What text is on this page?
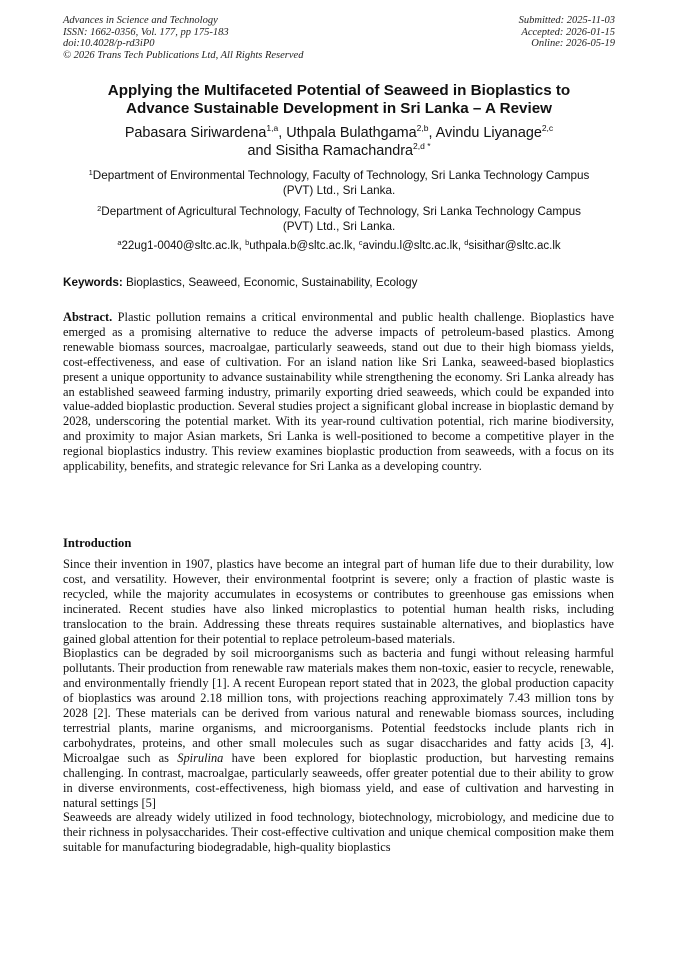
Advances in Science and Technology
ISSN: 1662-0356, Vol. 177, pp 175-183
doi:10.4028/p-rd3iP0
© 2026 Trans Tech Publications Ltd, All Rights Reserved
Submitted: 2025-11-03
Accepted: 2026-01-15
Online: 2026-05-19
Applying the Multifaceted Potential of Seaweed in Bioplastics to
Advance Sustainable Development in Sri Lanka – A Review
Pabasara Siriwardena$^{1,a}$, Uthpala Bulathgama$^{2,b}$, Avindu Liyanage$^{2,c}$
and Sisitha Ramachandra$^{2,d *}$
$^1$Department of Environmental Technology, Faculty of Technology, Sri Lanka Technology Campus
(PVT) Ltd., Sri Lanka.
$^2$Department of Agricultural Technology, Faculty of Technology, Sri Lanka Technology Campus
(PVT) Ltd., Sri Lanka.
$^a$22ug1-0040@sltc.ac.lk, $^b$uthpala.b@sltc.ac.lk, $^c$avindu.l@sltc.ac.lk, $^d$sisithar@sltc.ac.lk
Keywords: Bioplastics, Seaweed, Economic, Sustainability, Ecology
Abstract. Plastic pollution remains a critical environmental and public health challenge. Bioplastics have emerged as a promising alternative to reduce the adverse impacts of petroleum-based plastics. Among renewable biomass sources, macroalgae, particularly seaweeds, stand out due to their high biomass yields, cost-effectiveness, and ease of cultivation. For an island nation like Sri Lanka, seaweed-based bioplastics present a unique opportunity to advance sustainability while strengthening the economy. Sri Lanka already has an established seaweed farming industry, primarily exporting dried seaweeds, which could be expanded into value-added bioplastic production. Several studies project a significant global increase in bioplastic demand by 2028, underscoring the potential market. With its year-round cultivation potential, rich marine biodiversity, and proximity to major Asian markets, Sri Lanka is well-positioned to become a competitive player in the regional bioplastics industry. This review examines bioplastic production from seaweeds, with a focus on its applicability, benefits, and strategic relevance for Sri Lanka as a developing country.
Introduction

Since their invention in 1907, plastics have become an integral part of human life due to their durability, low cost, and versatility. However, their environmental footprint is severe; only a fraction of plastic waste is recycled, while the majority accumulates in ecosystems or contributes to greenhouse gas emissions when incinerated. Recent studies have also linked microplastics to potential human health risks, including translocation to the brain. Addressing these threats requires sustainable alternatives, and bioplastics have gained global attention for their potential to replace petroleum-based materials.

Bioplastics can be degraded by soil microorganisms such as bacteria and fungi without releasing harmful pollutants. Their production from renewable raw materials makes them non-toxic, easier to recycle, renewable, and environmentally friendly [1]. A recent European report stated that in 2023, the global production capacity of bioplastics was around 2.18 million tons, with projections reaching approximately 7.43 million tons by 2028 [2]. These materials can be derived from various natural and renewable biomass sources, including terrestrial plants, marine organisms, and microorganisms. Potential feedstocks include plants rich in carbohydrates, proteins, and other small molecules such as sugar disaccharides and fatty acids [3, 4]. Microalgae such as Spirulina have been explored for bioplastic production, but harvesting remains challenging. In contrast, macroalgae, particularly seaweeds, offer greater potential due to their ability to grow in diverse environments, cost-effectiveness, high biomass yield, and ease of cultivation and harvesting in natural settings [5]

Seaweeds are already widely utilized in food technology, biotechnology, microbiology, and medicine due to their richness in polysaccharides. Their cost-effective cultivation and unique chemical composition make them suitable for manufacturing biodegradable, high-quality bioplastics
